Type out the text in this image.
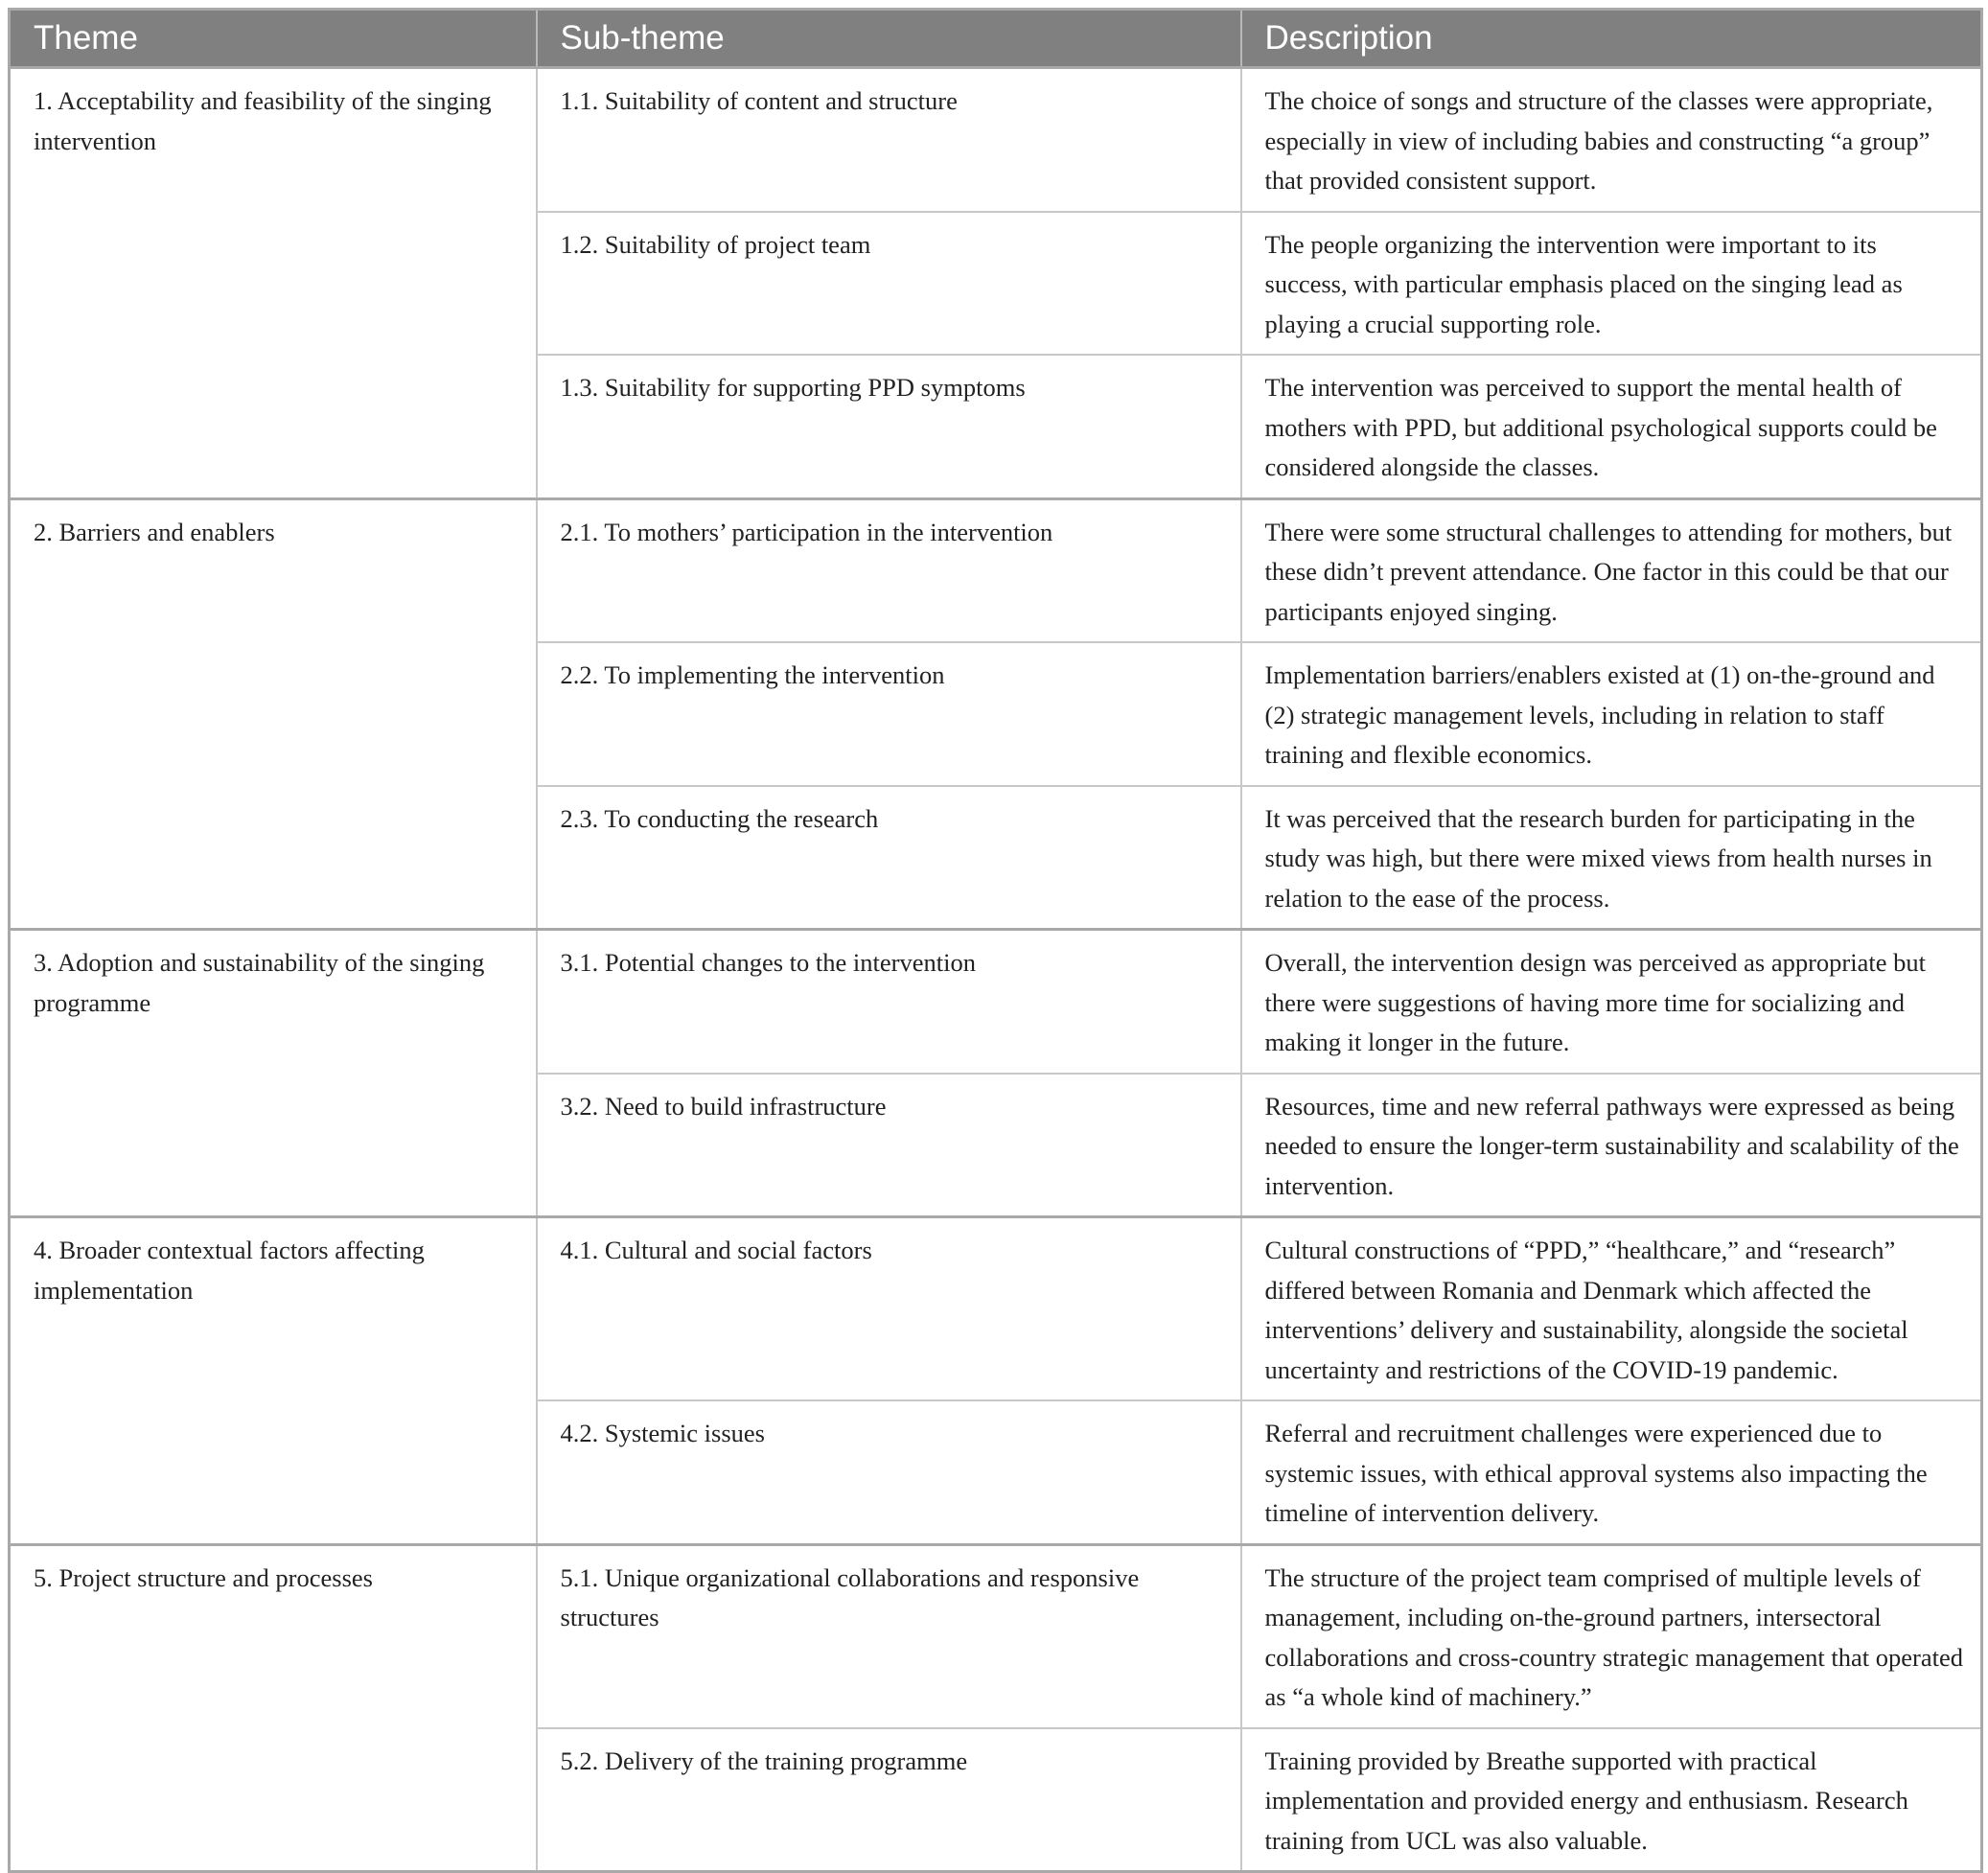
Theme	Sub-theme	Description
1. Acceptability and feasibility of the singing intervention	1.1. Suitability of content and structure	The choice of songs and structure of the classes were appropriate, especially in view of including babies and constructing “a group” that provided consistent support.
	1.2. Suitability of project team	The people organizing the intervention were important to its success, with particular emphasis placed on the singing lead as playing a crucial supporting role.
	1.3. Suitability for supporting PPD symptoms	The intervention was perceived to support the mental health of mothers with PPD, but additional psychological supports could be considered alongside the classes.
2. Barriers and enablers	2.1. To mothers’ participation in the intervention	There were some structural challenges to attending for mothers, but these didn’t prevent attendance. One factor in this could be that our participants enjoyed singing.
	2.2. To implementing the intervention	Implementation barriers/enablers existed at (1) on-the-ground and (2) strategic management levels, including in relation to staff training and flexible economics.
	2.3. To conducting the research	It was perceived that the research burden for participating in the study was high, but there were mixed views from health nurses in relation to the ease of the process.
3. Adoption and sustainability of the singing programme	3.1. Potential changes to the intervention	Overall, the intervention design was perceived as appropriate but there were suggestions of having more time for socializing and making it longer in the future.
	3.2. Need to build infrastructure	Resources, time and new referral pathways were expressed as being needed to ensure the longer-term sustainability and scalability of the intervention.
4. Broader contextual factors affecting implementation	4.1. Cultural and social factors	Cultural constructions of “PPD,” “healthcare,” and “research” differed between Romania and Denmark which affected the interventions’ delivery and sustainability, alongside the societal uncertainty and restrictions of the COVID-19 pandemic.
	4.2. Systemic issues	Referral and recruitment challenges were experienced due to systemic issues, with ethical approval systems also impacting the timeline of intervention delivery.
5. Project structure and processes	5.1. Unique organizational collaborations and responsive structures	The structure of the project team comprised of multiple levels of management, including on-the-ground partners, intersectoral collaborations and cross-country strategic management that operated as “a whole kind of machinery.”
	5.2. Delivery of the training programme	Training provided by Breathe supported with practical implementation and provided energy and enthusiasm. Research training from UCL was also valuable.
